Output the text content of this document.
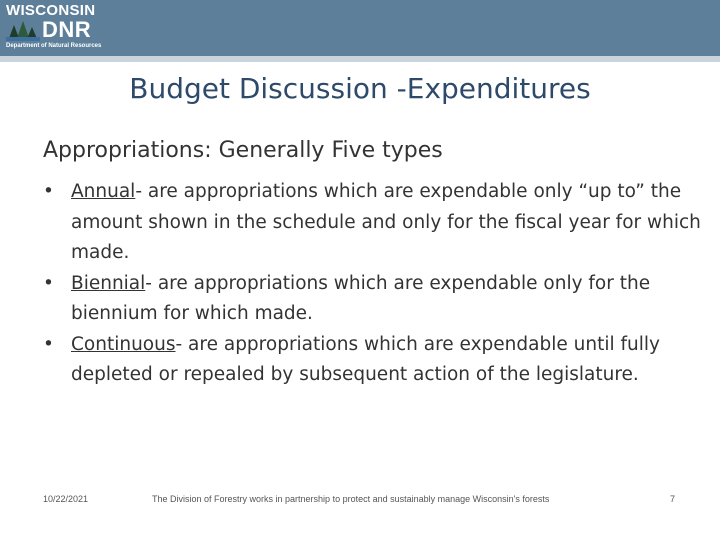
WISCONSIN
DNR
Department of Natural Resources
Budget Discussion -Expenditures
Appropriations: Generally Five types
• Annual- are appropriations which are expendable only “up to” the amount shown in the schedule and only for the fiscal year for which made.
• Biennial- are appropriations which are expendable only for the biennium for which made.
• Continuous- are appropriations which are expendable until fully depleted or repealed by subsequent action of the legislature.
10/22/2021	The Division of Forestry works in partnership to protect and sustainably manage Wisconsin's forests	7
